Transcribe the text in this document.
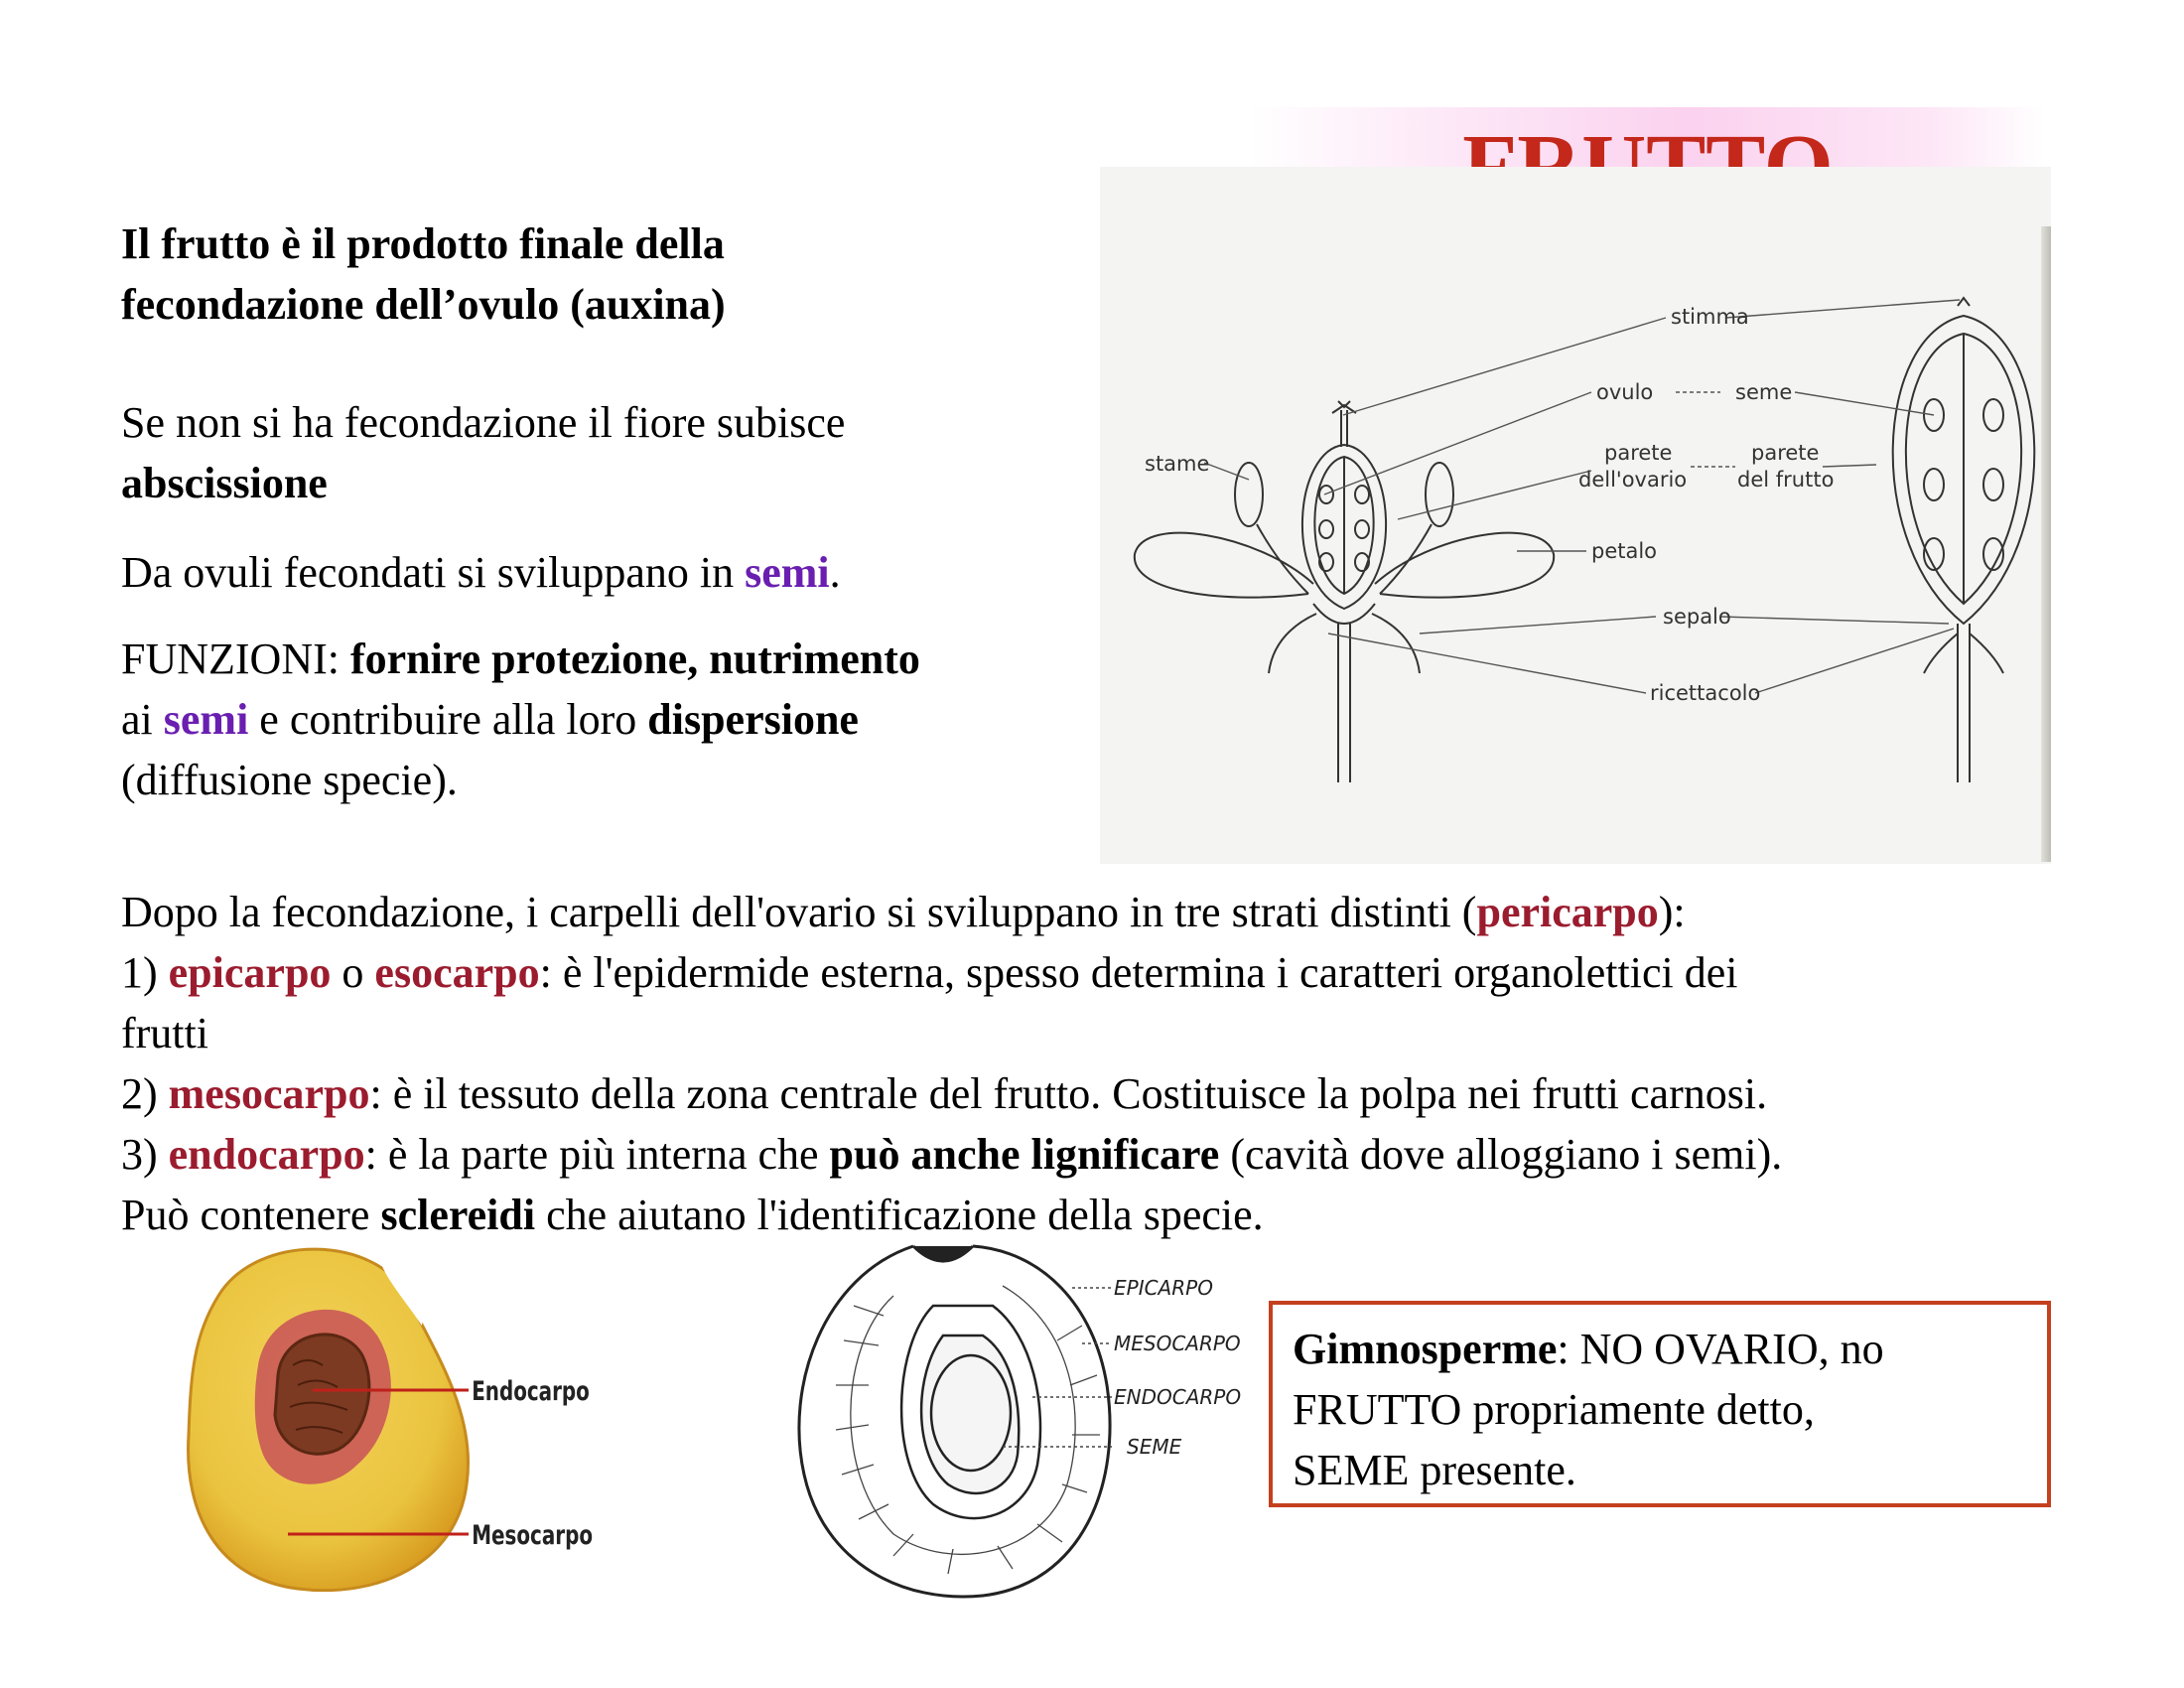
Il frutto è il prodotto finale della
fecondazione dell’ovulo (auxina)
Se non si ha fecondazione il fiore subisce
abscissione
Da ovuli fecondati si sviluppano in semi.
FUNZIONI: fornire protezione, nutrimento
ai semi e contribuire alla loro dispersione
(diffusione specie).
stimma
ovulo	seme
stame	parete
dell'ovario
parete
del frutto
petalo
sepalo
ricettacolo
Dopo la fecondazione, i carpelli dell'ovario si sviluppano in tre strati distinti (pericarpo):
1) epicarpo o esocarpo: è l'epidermide esterna, spesso determina i caratteri organolettici dei
frutti
2) mesocarpo: è il tessuto della zona centrale del frutto. Costituisce la polpa nei frutti carnosi.
3) endocarpo: è la parte più interna che può anche lignificare (cavità dove alloggiano i semi).
Può contenere sclereidi che aiutano l'identificazione della specie.
Endocarpo
Mesocarpo
EPICARPO
MESOCARPO
ENDOCARPO
SEME
Gimnosperme: NO OVARIO, no
FRUTTO propriamente detto,
SEME presente.
